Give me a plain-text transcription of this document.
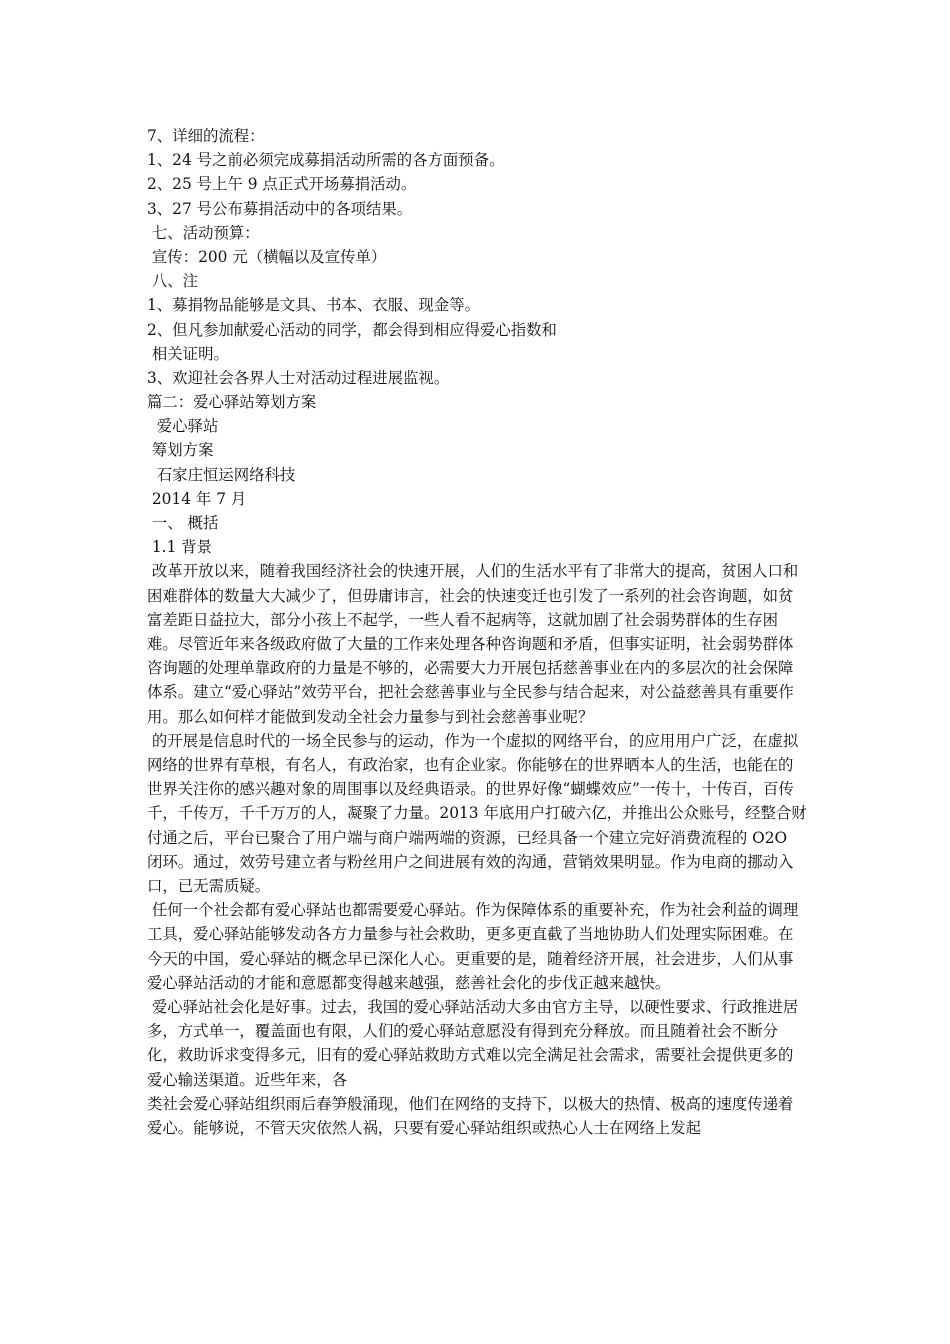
7、详细的流程：
1、24 号之前必须完成募捐活动所需的各方面预备。
2、25 号上午 9 点正式开场募捐活动。
3、27 号公布募捐活动中的各项结果。
七、活动预算：
宣传：200 元（横幅以及宣传单）
八、注
1、募捐物品能够是文具、书本、衣服、现金等。
2、但凡参加献爱心活动的同学，都会得到相应得爱心指数和
相关证明。
3、欢迎社会各界人士对活动过程进展监视。
篇二：爱心驿站筹划方案
爱心驿站
筹划方案
石家庄恒运网络科技
2014 年 7 月
一、 概括
1.1 背景

改革开放以来，随着我国经济社会的快速开展，人们的生活水平有了非常大的提高，贫困人口和困难群体的数量大大减少了，但毋庸讳言，社会的快速变迁也引发了一系列的社会咨询题，如贫富差距日益拉大，部分小孩上不起学，一些人看不起病等，这就加剧了社会弱势群体的生存困难。尽管近年来各级政府做了大量的工作来处理各种咨询题和矛盾，但事实证明，社会弱势群体咨询题的处理单靠政府的力量是不够的，必需要大力开展包括慈善事业在内的多层次的社会保障体系。建立“爱心驿站”效劳平台，把社会慈善事业与全民参与结合起来，对公益慈善具有重要作用。那么如何样才能做到发动全社会力量参与到社会慈善事业呢？

的开展是信息时代的一场全民参与的运动，作为一个虚拟的网络平台，的应用用户广泛，在虚拟网络的世界有草根，有名人，有政治家，也有企业家。你能够在的世界晒本人的生活，也能在的世界关注你的感兴趣对象的周围事以及经典语录。的世界好像“蝴蝶效应”一传十，十传百，百传千，千传万，千千万万的人，凝聚了力量。2013 年底用户打破六亿，并推出公众账号，经整合财付通之后，平台已聚合了用户端与商户端两端的资源，已经具备一个建立完好消费流程的 O2O 闭环。通过，效劳号建立者与粉丝用户之间进展有效的沟通，营销效果明显。作为电商的挪动入口，已无需质疑。

任何一个社会都有爱心驿站也都需要爱心驿站。作为保障体系的重要补充，作为社会利益的调理工具，爱心驿站能够发动各方力量参与社会救助，更多更直截了当地协助人们处理实际困难。在今天的中国，爱心驿站的概念早已深化人心。更重要的是，随着经济开展，社会进步，人们从事爱心驿站活动的才能和意愿都变得越来越强，慈善社会化的步伐正越来越快。

爱心驿站社会化是好事。过去，我国的爱心驿站活动大多由官方主导，以硬性要求、行政推进居多，方式单一，覆盖面也有限，人们的爱心驿站意愿没有得到充分释放。而且随着社会不断分化，救助诉求变得多元，旧有的爱心驿站救助方式难以完全满足社会需求，需要社会提供更多的爱心输送渠道。近些年来，各

类社会爱心驿站组织雨后春笋般涌现，他们在网络的支持下，以极大的热情、极高的速度传递着爱心。能够说，不管天灾依然人祸，只要有爱心驿站组织或热心人士在网络上发起
